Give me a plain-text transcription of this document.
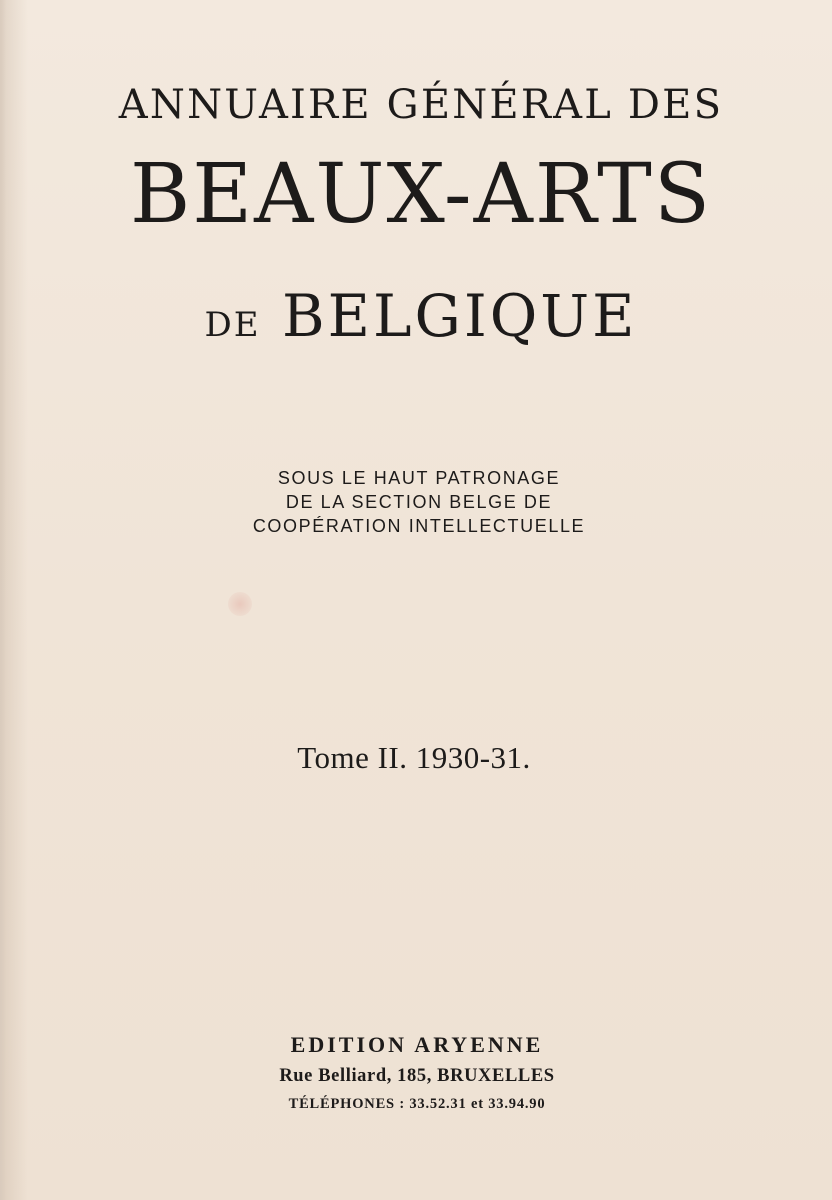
ANNUAIRE GÉNÉRAL DES
BEAUX-ARTS
DE BELGIQUE
SOUS LE HAUT PATRONAGE
DE LA SECTION BELGE DE
COOPÉRATION INTELLECTUELLE
Tome II. 1930-31.
EDITION ARYENNE
Rue Belliard, 185, BRUXELLES
TÉLÉPHONES : 33.52.31 et 33.94.90
